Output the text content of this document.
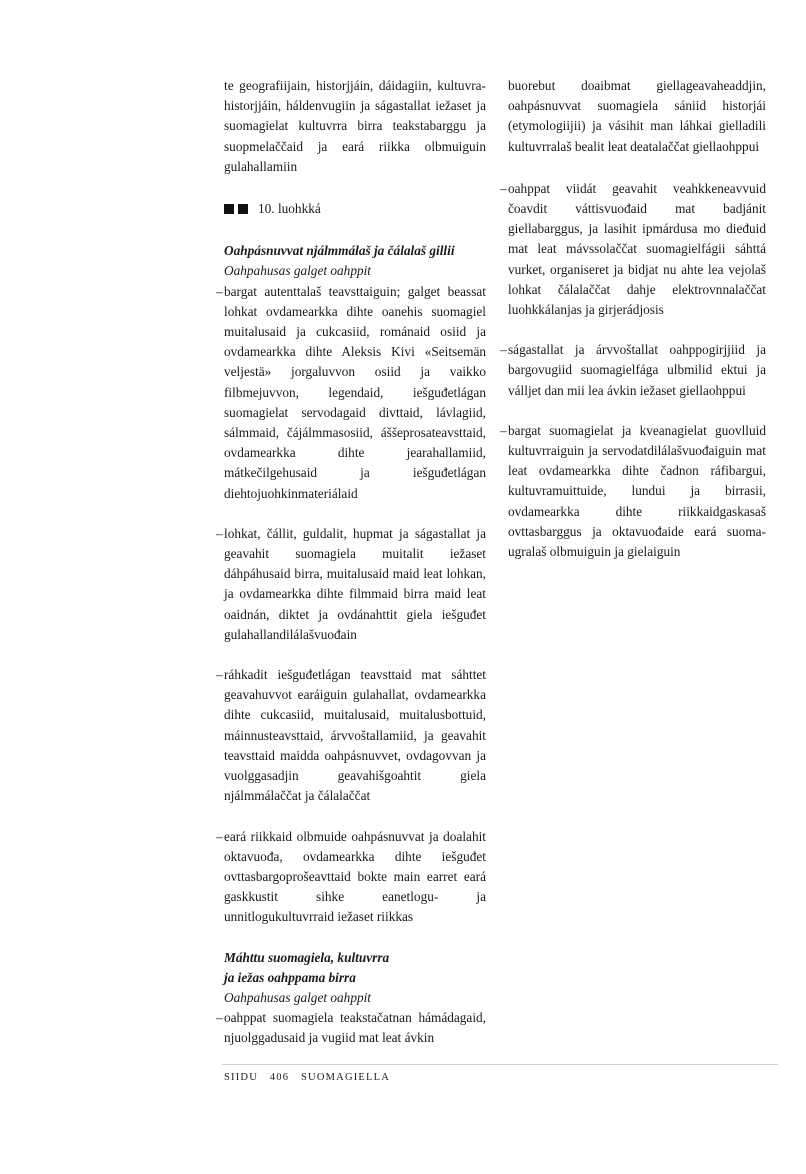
te geografiijain, historjjáin, dáidagiin, kultuvra-historjjáin, háldenvugiin ja ságastallat iežaset ja suomagielat kultuvrra birra teakstabarggu ja suopmelaččaid ja eará riikka olbmuiguin gulahallamiin

10. luohkká

Oahpásnuvvat njálmmálaš ja čálalaš gillii

Oahpahusas galget oahppit

– bargat autenttalaš teavsttaiguin; galget beassat lohkat ovdamearkka dihte oanehis suomagiel muitalusaid ja cukcasiid, románaid osiid ja ovdamearkka dihte Aleksis Kivi «Seitsemän veljestä» jorgaluvvon osiid ja vaikko filbmejuvvon, legendaid, iešguđetlágan suomagielat servodagaid divttaid, lávlagiid, sálmmaid, čájálmmasosiid, áššeprosateavsttaid, ovdamearkka dihte jearahallamiid, mátkečilgehusaid ja iešguđetlágan diehtojuohkinmateriálaid
– lohkat, čállit, guldalit, hupmat ja ságastallat ja geavahit suomagiela muitalit iežaset dáhpáhusaid birra, muitalusaid maid leat lohkan, ja ovdamearkka dihte filmmaid birra maid leat oaidnán, diktet ja ovdánahttit giela iešguđet gulahallandilálašvuođain
– ráhkadit iešguđetlágan teavsttaid mat sáhttet geavahuvvot earáiguin gulahallat, ovdamearkka dihte cukcasiid, muitalusaid, muitalusbottuid, máinnusteavsttaid, árvvoštallamiid, ja geavahit teavsttaid maidda oahpásnuvvet, ovdagovvan ja vuolggasadjin geavahišgoahtit giela njálmmálaččat ja čálalaččat
– eará riikkaid olbmuide oahpásnuvvat ja doalahit oktavuođa, ovdamearkka dihte iešguđet ovttasbargoprošeavttaid bokte main earret eará gaskkustit sihke eanetlogu- ja unnitlogukultuvrraid iežaset riikkas

Máhttu suomagiela, kultuvrra

ja iežas oahppama birra

Oahpahusas galget oahppit

– oahppat suomagiela teakstačatnan hámádagaid, njuolggadusaid ja vugiid mat leat ávkin

buorebut doaibmat giellageavaheaddjin, oahpásnuvvat suomagiela sániid historjái (etymologiijii) ja vásihit man láhkai gielladili kultuvrralaš bealit leat deatalaččat giellaohppui

– oahppat viidát geavahit veahkkeneavvuid čoavdit váttisvuođaid mat badjánit giellabarggus, ja lasihit ipmárdusa mo dieđuid mat leat mávssolaččat suomagielfágii sáhttá vurket, organiseret ja bidjat nu ahte lea vejolaš lohkat čálalaččat dahje elektrovnnalaččat luohkkálanjas ja girjerádjosis
– ságastallat ja árvvoštallat oahppogirjjiid ja bargovugiid suomagielfága ulbmilid ektui ja válljet dan mii lea ávkin iežaset giellaohppui
– bargat suomagielat ja kveanagielat guovlluid kultuvrraiguin ja servodatdilálašvuođaiguin mat leat ovdamearkka dihte čadnon ráfibargui, kultuvramuittuide, lundui ja birrasii, ovdamearkka dihte riikkaidgaskasaš ovttasbarggus ja oktavuođaide eará suoma-ugralaš olbmuiguin ja gielaiguin
SIIDU 406 SUOMAGIELLA
